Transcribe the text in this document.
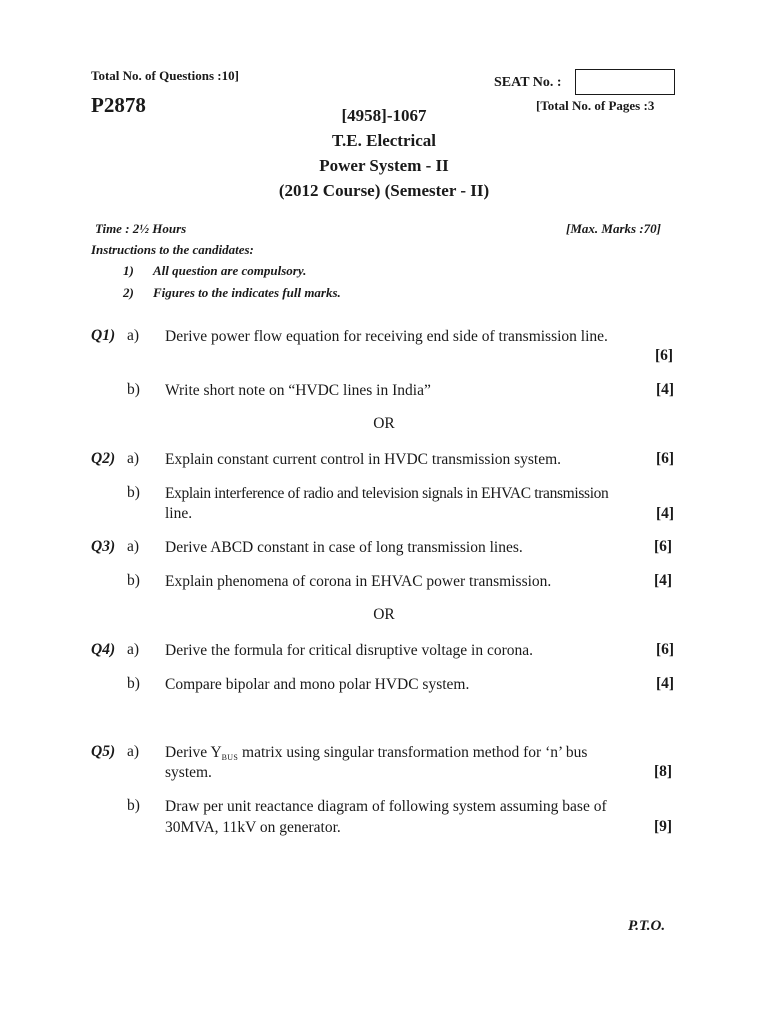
Total No. of Questions :10]	SEAT No. :
P2878	[Total No. of Pages :3
[4958]-1067
T.E. Electrical
Power System - II
(2012 Course) (Semester - II)
Time : 2½ Hours	[Max. Marks :70]
Instructions to the candidates:
1) All question are compulsory.
2) Figures to the indicates full marks.
Q1) a) Derive power flow equation for receiving end side of transmission line.
[6]
b) Write short note on “HVDC lines in India”	[4]
OR
Q2) a) Explain constant current control in HVDC transmission system.	[6]
b) Explain interference of radio and television signals in EHVAC transmission
line.	[4]
Q3) a) Derive ABCD constant in case of long transmission lines.	[6]
b) Explain phenomena of corona in EHVAC power transmission.	[4]
OR
Q4) a) Derive the formula for critical disruptive voltage in corona.	[6]
b) Compare bipolar and mono polar HVDC system.	[4]
Q5) a) Derive $Y_{BUS}$ matrix using singular transformation method for ‘n’ bus
system.	[8]
b) Draw per unit reactance diagram of following system assuming base of
30MVA, 11kV on generator.	[9]
P.T.O.
